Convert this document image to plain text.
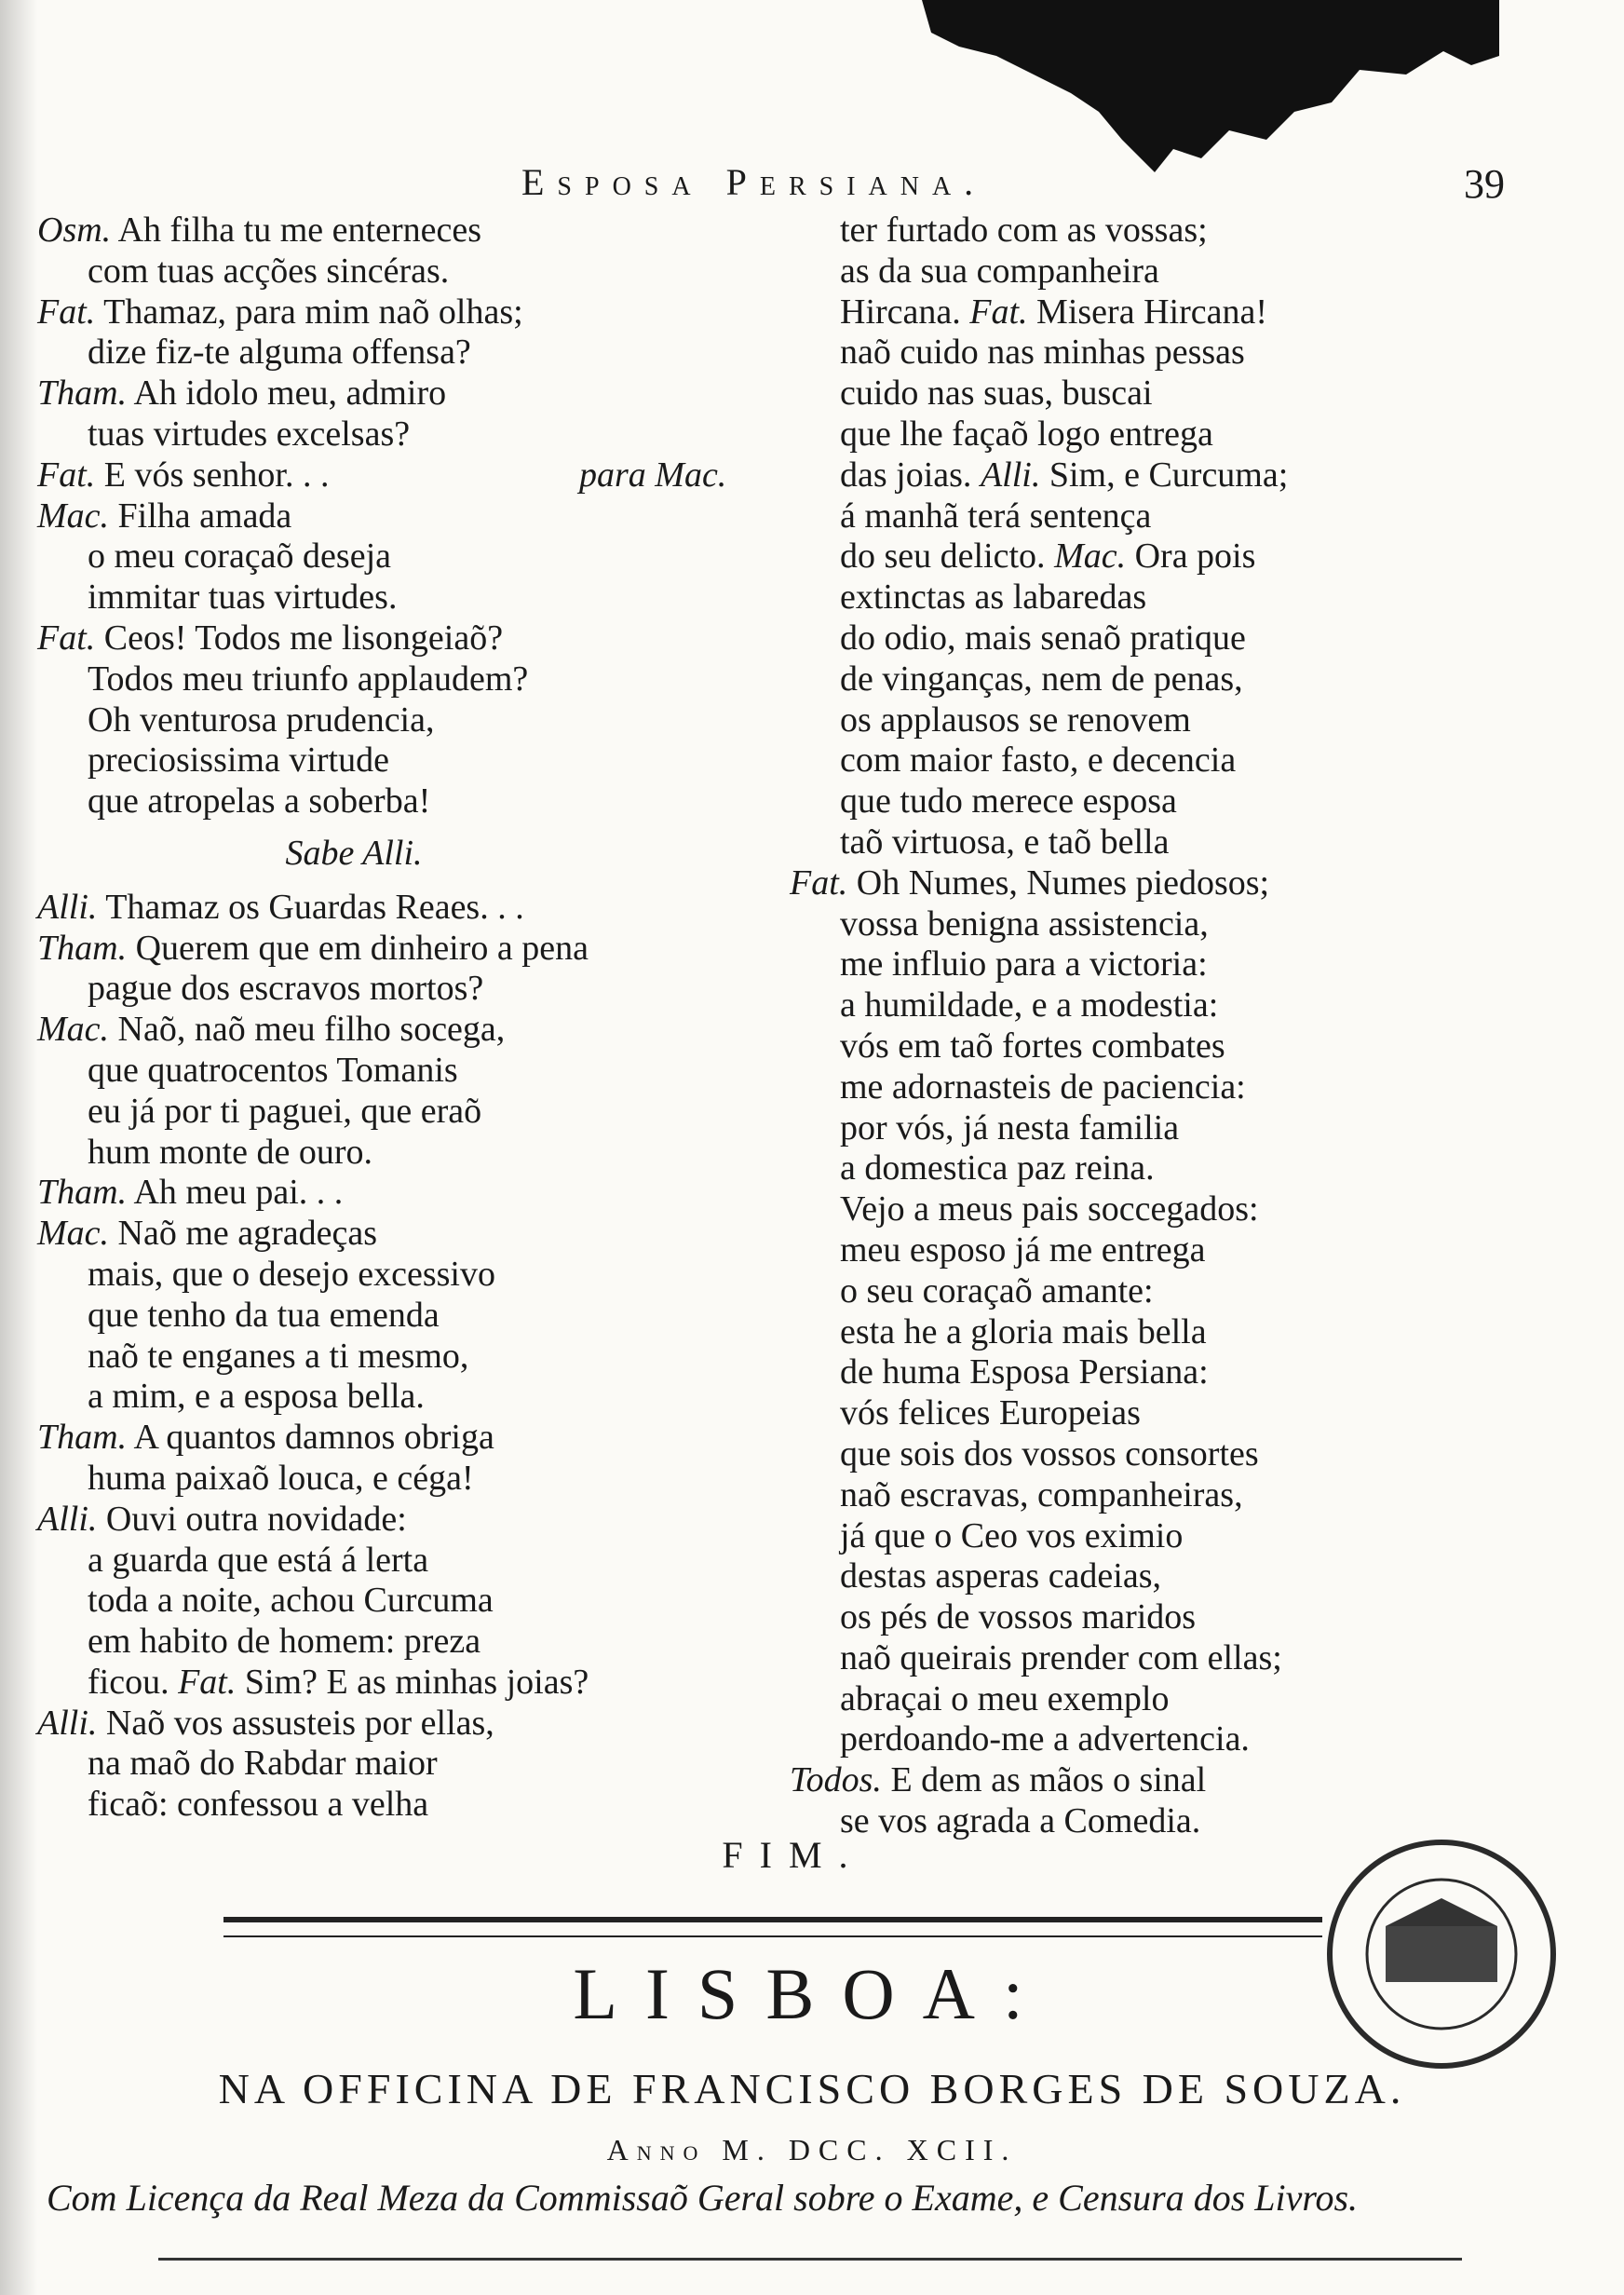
Esposa Persiana.	39
Osm. Ah filha tu me enterneces
com tuas acções sincéras.
Fat. Thamaz, para mim naõ olhas;
dize fiz-te alguma offensa?
Tham. Ah idolo meu, admiro
tuas virtudes excelsas?
Fat. E vós senhor. . .	para Mac.
Mac. Filha amada
o meu coraçaõ deseja
immitar tuas virtudes.
Fat. Ceos! Todos me lisongeiaõ?
Todos meu triunfo applaudem?
Oh venturosa prudencia,
preciosissima virtude
que atropelas a soberba!
Sabe Alli.
Alli. Thamaz os Guardas Reaes. . .
Tham. Querem que em dinheiro a pena
pague dos escravos mortos?
Mac. Naõ, naõ meu filho socega,
que quatrocentos Tomanis
eu já por ti paguei, que eraõ
hum monte de ouro.
Tham. Ah meu pai. . .
Mac. Naõ me agradeças
mais, que o desejo excessivo
que tenho da tua emenda
naõ te enganes a ti mesmo,
a mim, e a esposa bella.
Tham. A quantos damnos obriga
huma paixaõ louca, e céga!
Alli. Ouvi outra novidade:
a guarda que está á lerta
toda a noite, achou Curcuma
em habito de homem: preza
ficou. Fat. Sim? E as minhas joias?
Alli. Naõ vos assusteis por ellas,
na maõ do Rabdar maior
ficaõ: confessou a velha
ter furtado com as vossas;
as da sua companheira
Hircana. Fat. Misera Hircana!
naõ cuido nas minhas pessas
cuido nas suas, buscai
que lhe façaõ logo entrega
das joias. Alli. Sim, e Curcuma;
á manhã terá sentença
do seu delicto. Mac. Ora pois
extinctas as labaredas
do odio, mais senaõ pratique
de vinganças, nem de penas,
os applausos se renovem
com maior fasto, e decencia
que tudo merece esposa
taõ virtuosa, e taõ bella
Fat. Oh Numes, Numes piedosos;
vossa benigna assistencia,
me influio para a victoria:
a humildade, e a modestia:
vós em taõ fortes combates
me adornasteis de paciencia:
por vós, já nesta familia
a domestica paz reina.
Vejo a meus pais soccegados:
meu esposo já me entrega
o seu coraçaõ amante:
esta he a gloria mais bella
de huma Esposa Persiana:
vós felices Europeias
que sois dos vossos consortes
naõ escravas, companheiras,
já que o Ceo vos eximio
destas asperas cadeias,
os pés de vossos maridos
naõ queirais prender com ellas;
abraçai o meu exemplo
perdoando-me a advertencia.
Todos. E dem as mãos o sinal
se vos agrada a Comedia.
FIM.
LISBOA:
NA OFFICINA DE FRANCISCO BORGES DE SOUZA.
Anno M. DCC. XCII.
Com Licença da Real Meza da Commissaõ Geral sobre o Exame, e Censura dos Livros.
